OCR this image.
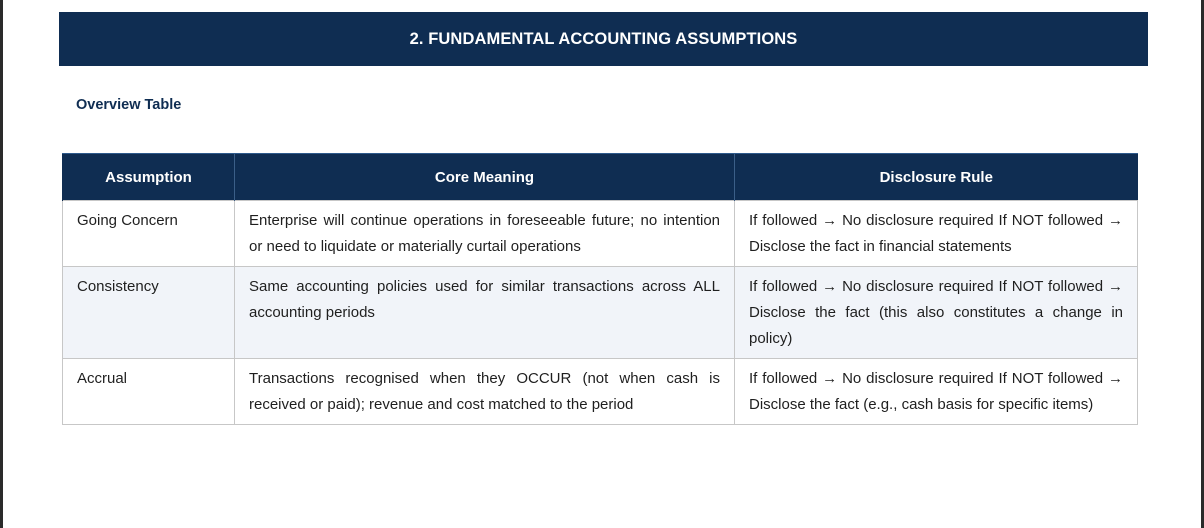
2. FUNDAMENTAL ACCOUNTING ASSUMPTIONS
Overview Table
Assumption	Core Meaning	Disclosure Rule
Going Concern	Enterprise will continue operations in foreseeable future; no intention or need to liquidate or materially curtail operations	If followed → No disclosure required If NOT followed → Disclose the fact in financial statements
Consistency	Same accounting policies used for similar transactions across ALL accounting periods	If followed → No disclosure required If NOT followed → Disclose the fact (this also constitutes a change in policy)
Accrual	Transactions recognised when they OCCUR (not when cash is received or paid); revenue and cost matched to the period	If followed → No disclosure required If NOT followed → Disclose the fact (e.g., cash basis for specific items)
